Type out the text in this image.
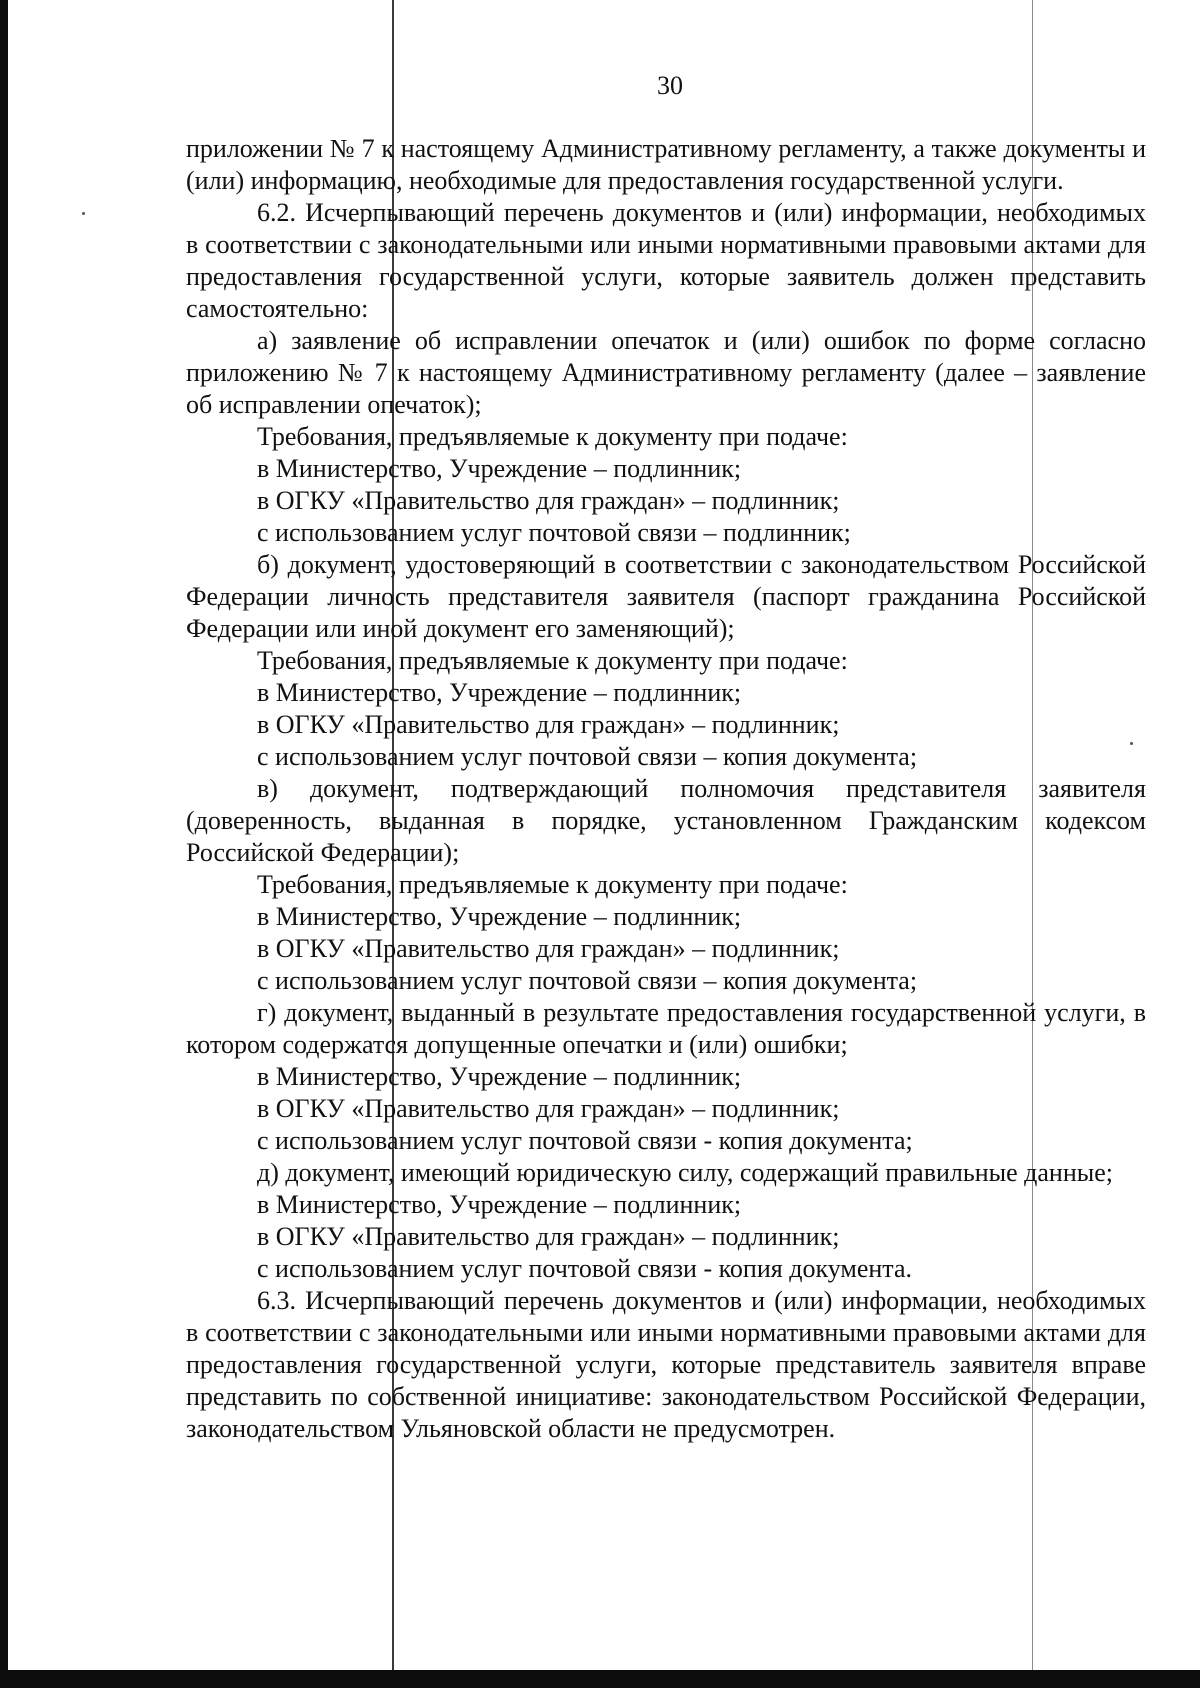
30

приложении № 7 к настоящему Административному регламенту, а также документы и (или) информацию, необходимые для предоставления государственной услуги.

6.2. Исчерпывающий перечень документов и (или) информации, необходимых в соответствии с законодательными или иными нормативными правовыми актами для предоставления государственной услуги, которые заявитель должен представить самостоятельно:

а) заявление об исправлении опечаток и (или) ошибок по форме согласно приложению № 7 к настоящему Административному регламенту (далее – заявление об исправлении опечаток);

Требования, предъявляемые к документу при подаче:

в Министерство, Учреждение – подлинник;

в ОГКУ «Правительство для граждан» – подлинник;

с использованием услуг почтовой связи – подлинник;

б) документ, удостоверяющий в соответствии с законодательством Российской Федерации личность представителя заявителя (паспорт гражданина Российской Федерации или иной документ его заменяющий);

Требования, предъявляемые к документу при подаче:

в Министерство, Учреждение – подлинник;

в ОГКУ «Правительство для граждан» – подлинник;

с использованием услуг почтовой связи – копия документа;

в) документ, подтверждающий полномочия представителя заявителя (доверенность, выданная в порядке, установленном Гражданским кодексом Российской Федерации);

Требования, предъявляемые к документу при подаче:

в Министерство, Учреждение – подлинник;

в ОГКУ «Правительство для граждан» – подлинник;

с использованием услуг почтовой связи – копия документа;

г) документ, выданный в результате предоставления государственной услуги, в котором содержатся допущенные опечатки и (или) ошибки;

в Министерство, Учреждение – подлинник;

в ОГКУ «Правительство для граждан» – подлинник;

с использованием услуг почтовой связи - копия документа;

д) документ, имеющий юридическую силу, содержащий правильные данные;

в Министерство, Учреждение – подлинник;

в ОГКУ «Правительство для граждан» – подлинник;

с использованием услуг почтовой связи - копия документа.

6.3. Исчерпывающий перечень документов и (или) информации, необходимых в соответствии с законодательными или иными нормативными правовыми актами для предоставления государственной услуги, которые представитель заявителя вправе представить по собственной инициативе: законодательством Российской Федерации, законодательством Ульяновской области не предусмотрен.
